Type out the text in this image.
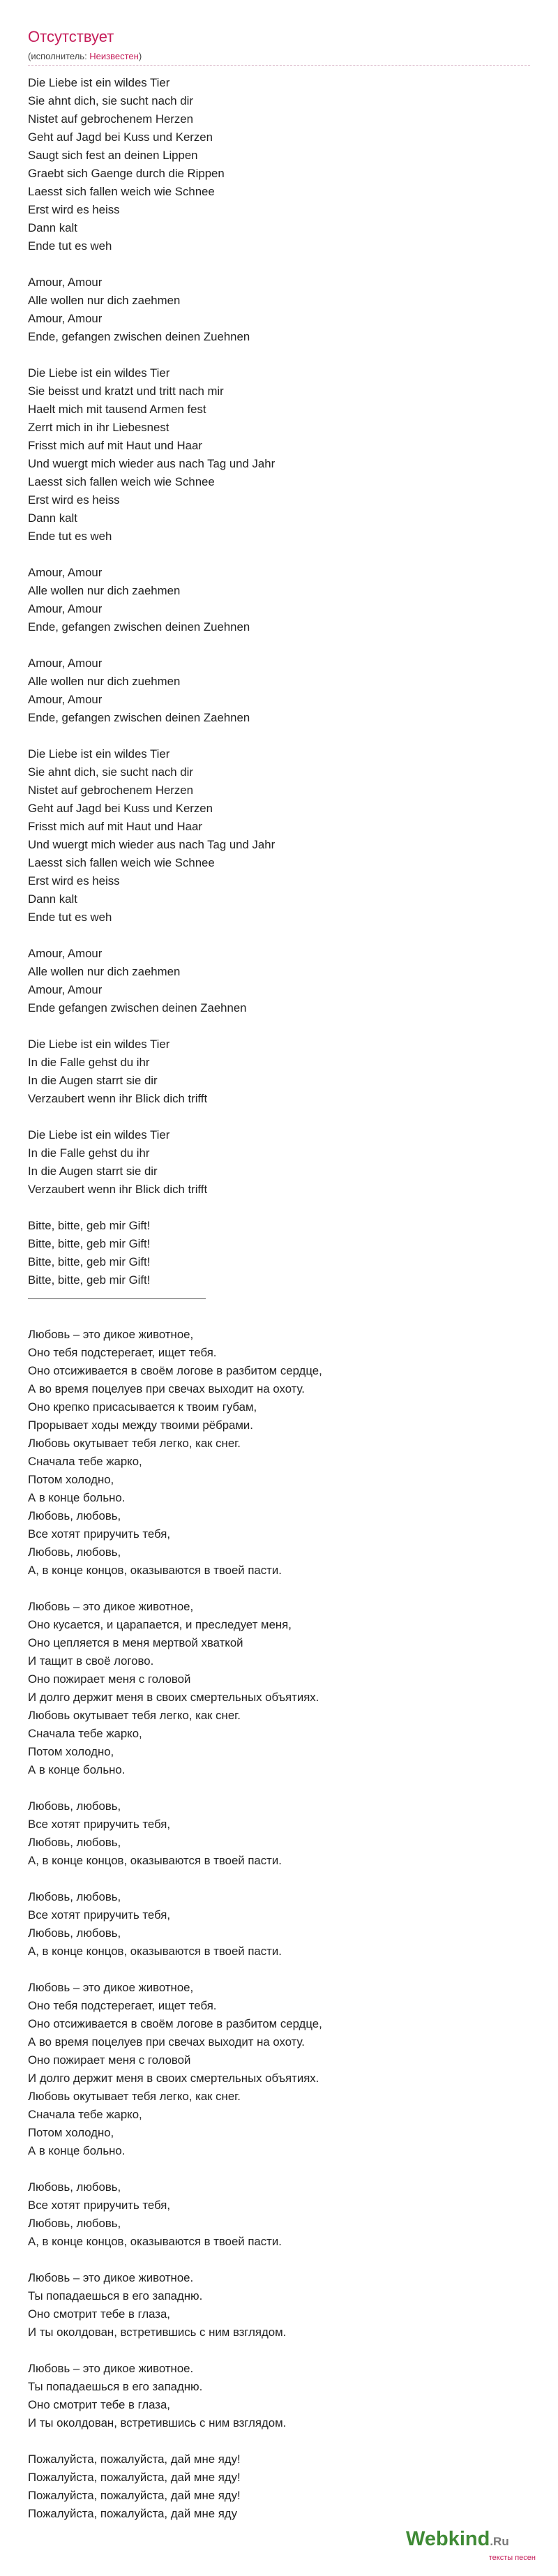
Отсутствует
(исполнитель: Неизвестен)
Die Liebe ist ein wildes Tier
Sie ahnt dich, sie sucht nach dir
Nistet auf gebrochenem Herzen
Geht auf Jagd bei Kuss und Kerzen
Saugt sich fest an deinen Lippen
Graebt sich Gaenge durch die Rippen
Laesst sich fallen weich wie Schnee
Erst wird es heiss
Dann kalt
Ende tut es weh
Amour, Amour
Alle wollen nur dich zaehmen
Amour, Amour
Ende, gefangen zwischen deinen Zuehnen
Die Liebe ist ein wildes Tier
Sie beisst und kratzt und tritt nach mir
Haelt mich mit tausend Armen fest
Zerrt mich in ihr Liebesnest
Frisst mich auf mit Haut und Haar
Und wuergt mich wieder aus nach Tag und Jahr
Laesst sich fallen weich wie Schnee
Erst wird es heiss
Dann kalt
Ende tut es weh
Amour, Amour
Alle wollen nur dich zaehmen
Amour, Amour
Ende, gefangen zwischen deinen Zuehnen
Amour, Amour
Alle wollen nur dich zuehmen
Amour, Amour
Ende, gefangen zwischen deinen Zaehnen
Die Liebe ist ein wildes Tier
Sie ahnt dich, sie sucht nach dir
Nistet auf gebrochenem Herzen
Geht auf Jagd bei Kuss und Kerzen
Frisst mich auf mit Haut und Haar
Und wuergt mich wieder aus nach Tag und Jahr
Laesst sich fallen weich wie Schnee
Erst wird es heiss
Dann kalt
Ende tut es weh
Amour, Amour
Alle wollen nur dich zaehmen
Amour, Amour
Ende gefangen zwischen deinen Zaehnen
Die Liebe ist ein wildes Tier
In die Falle gehst du ihr
In die Augen starrt sie dir
Verzaubert wenn ihr Blick dich trifft
Die Liebe ist ein wildes Tier
In die Falle gehst du ihr
In die Augen starrt sie dir
Verzaubert wenn ihr Blick dich trifft
Bitte, bitte, geb mir Gift!
Bitte, bitte, geb mir Gift!
Bitte, bitte, geb mir Gift!
Bitte, bitte, geb mir Gift!
Любовь – это дикое животное,
Оно тебя подстерегает, ищет тебя.
Оно отсиживается в своём логове в разбитом сердце,
А во время поцелуев при свечах выходит на охоту.
Оно крепко присасывается к твоим губам,
Прорывает ходы между твоими рёбрами.
Любовь окутывает тебя легко, как снег.
Сначала тебе жарко,
Потом холодно,
А в конце больно.
Любовь, любовь,
Все хотят приручить тебя,
Любовь, любовь,
А, в конце концов, оказываются в твоей пасти.
Любовь – это дикое животное,
Оно кусается, и царапается, и преследует меня,
Оно цепляется в меня мертвой хваткой
И тащит в своё логово.
Оно пожирает меня с головой
И долго держит меня в своих смертельных объятиях.
Любовь окутывает тебя легко, как снег.
Сначала тебе жарко,
Потом холодно,
А в конце больно.
Любовь, любовь,
Все хотят приручить тебя,
Любовь, любовь,
А, в конце концов, оказываются в твоей пасти.
Любовь, любовь,
Все хотят приручить тебя,
Любовь, любовь,
А, в конце концов, оказываются в твоей пасти.
Любовь – это дикое животное,
Оно тебя подстерегает, ищет тебя.
Оно отсиживается в своём логове в разбитом сердце,
А во время поцелуев при свечах выходит на охоту.
Оно пожирает меня с головой
И долго держит меня в своих смертельных объятиях.
Любовь окутывает тебя легко, как снег.
Сначала тебе жарко,
Потом холодно,
А в конце больно.
Любовь, любовь,
Все хотят приручить тебя,
Любовь, любовь,
А, в конце концов, оказываются в твоей пасти.
Любовь – это дикое животное.
Ты попадаешься в его западню.
Оно смотрит тебе в глаза,
И ты околдован, встретившись с ним взглядом.
Любовь – это дикое животное.
Ты попадаешься в его западню.
Оно смотрит тебе в глаза,
И ты околдован, встретившись с ним взглядом.
Пожалуйста, пожалуйста, дай мне яду!
Пожалуйста, пожалуйста, дай мне яду!
Пожалуйста, пожалуйста, дай мне яду!
Пожалуйста, пожалуйста, дай мне яду
Webkind.Ru
тексты песен
